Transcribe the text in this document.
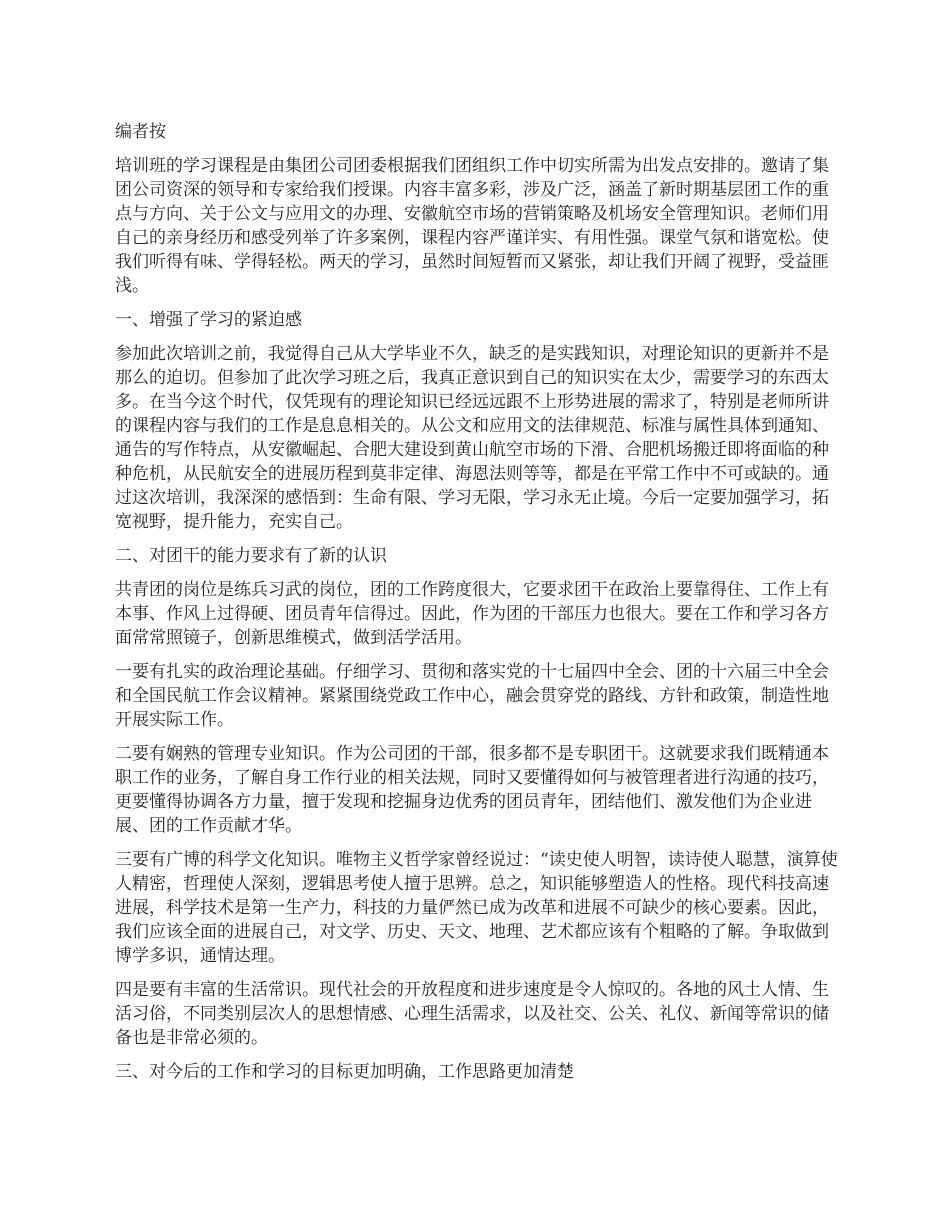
编者按

培训班的学习课程是由集团公司团委根据我们团组织工作中切实所需为出发点安排的。邀请了集团公司资深的领导和专家给我们授课。内容丰富多彩，涉及广泛，涵盖了新时期基层团工作的重点与方向、关于公文与应用文的办理、安徽航空市场的营销策略及机场安全管理知识。老师们用自己的亲身经历和感受列举了许多案例，课程内容严谨详实、有用性强。课堂气氛和谐宽松。使我们听得有味、学得轻松。两天的学习，虽然时间短暂而又紧张，却让我们开阔了视野，受益匪浅。

一、增强了学习的紧迫感

参加此次培训之前，我觉得自己从大学毕业不久，缺乏的是实践知识，对理论知识的更新并不是那么的迫切。但参加了此次学习班之后，我真正意识到自己的知识实在太少，需要学习的东西太多。在当今这个时代，仅凭现有的理论知识已经远远跟不上形势进展的需求了，特别是老师所讲的课程内容与我们的工作是息息相关的。从公文和应用文的法律规范、标准与属性具体到通知、通告的写作特点，从安徽崛起、合肥大建设到黄山航空市场的下滑、合肥机场搬迁即将面临的种种危机，从民航安全的进展历程到莫非定律、海恩法则等等，都是在平常工作中不可或缺的。通过这次培训，我深深的感悟到：生命有限、学习无限，学习永无止境。今后一定要加强学习，拓宽视野，提升能力，充实自己。

二、对团干的能力要求有了新的认识

共青团的岗位是练兵习武的岗位，团的工作跨度很大，它要求团干在政治上要靠得住、工作上有本事、作风上过得硬、团员青年信得过。因此，作为团的干部压力也很大。要在工作和学习各方面常常照镜子，创新思维模式，做到活学活用。

一要有扎实的政治理论基础。仔细学习、贯彻和落实党的十七届四中全会、团的十六届三中全会和全国民航工作会议精神。紧紧围绕党政工作中心，融会贯穿党的路线、方针和政策，制造性地开展实际工作。

二要有娴熟的管理专业知识。作为公司团的干部，很多都不是专职团干。这就要求我们既精通本职工作的业务，了解自身工作行业的相关法规，同时又要懂得如何与被管理者进行沟通的技巧，更要懂得协调各方力量，擅于发现和挖掘身边优秀的团员青年，团结他们、激发他们为企业进展、团的工作贡献才华。

三要有广博的科学文化知识。唯物主义哲学家曾经说过：“读史使人明智，读诗使人聪慧，演算使人精密，哲理使人深刻，逻辑思考使人擅于思辨。总之，知识能够塑造人的性格。现代科技高速进展，科学技术是第一生产力，科技的力量俨然已成为改革和进展不可缺少的核心要素。因此，我们应该全面的进展自己，对文学、历史、天文、地理、艺术都应该有个粗略的了解。争取做到博学多识，通情达理。

四是要有丰富的生活常识。现代社会的开放程度和进步速度是令人惊叹的。各地的风土人情、生活习俗，不同类别层次人的思想情感、心理生活需求，以及社交、公关、礼仪、新闻等常识的储备也是非常必须的。

三、对今后的工作和学习的目标更加明确，工作思路更加清楚
